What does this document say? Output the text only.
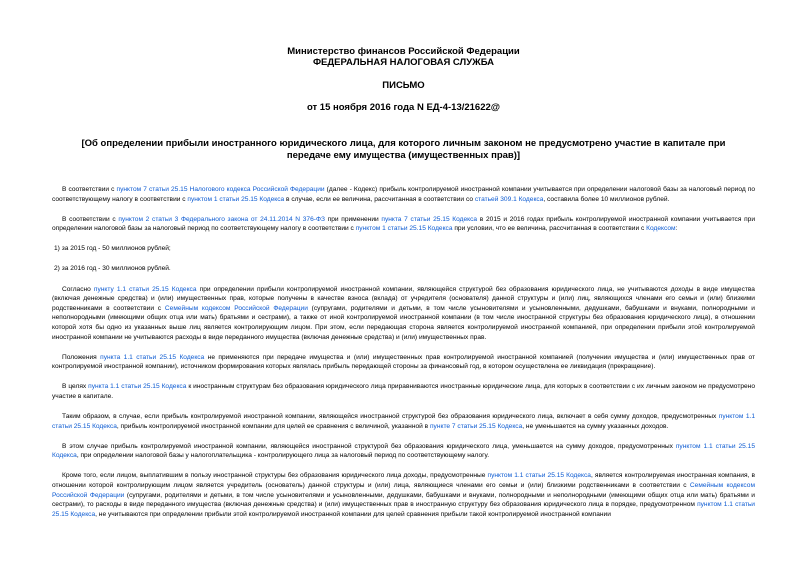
Министерство финансов Российской Федерации
ФЕДЕРАЛЬНАЯ НАЛОГОВАЯ СЛУЖБА
ПИСЬМО
от 15 ноября 2016 года N ЕД-4-13/21622@
[Об определении прибыли иностранного юридического лица, для которого личным законом не предусмотрено участие в капитале при передаче ему имущества (имущественных прав)]

В соответствии с пунктом 7 статьи 25.15 Налогового кодекса Российской Федерации (далее - Кодекс) прибыль контролируемой иностранной компании учитывается при определении налоговой базы за налоговый период по соответствующему налогу в соответствии с пунктом 1 статьи 25.15 Кодекса в случае, если ее величина, рассчитанная в соответствии со статьей 309.1 Кодекса, составила более 10 миллионов рублей.

В соответствии с пунктом 2 статьи 3 Федерального закона от 24.11.2014 N 376-ФЗ при применении пункта 7 статьи 25.15 Кодекса в 2015 и 2016 годах прибыль контролируемой иностранной компании учитывается при определении налоговой базы за налоговый период по соответствующему налогу в соответствии с пунктом 1 статьи 25.15 Кодекса при условии, что ее величина, рассчитанная в соответствии с Кодексом:

1) за 2015 год - 50 миллионов рублей;

2) за 2016 год - 30 миллионов рублей.

Согласно пункту 1.1 статьи 25.15 Кодекса при определении прибыли контролируемой иностранной компании, являющейся структурой без образования юридического лица, не учитываются доходы в виде имущества (включая денежные средства) и (или) имущественных прав, которые получены в качестве взноса (вклада) от учредителя (основателя) данной структуры и (или) лиц, являющихся членами его семьи и (или) близкими родственниками в соответствии с Семейным кодексом Российской Федерации (супругами, родителями и детьми, в том числе усыновителями и усыновленными, дедушками, бабушками и внуками, полнородными и неполнородными (имеющими общих отца или мать) братьями и сестрами), а также от иной контролируемой иностранной компании (в том числе иностранной структуры без образования юридического лица), в отношении которой хотя бы одно из указанных выше лиц является контролирующим лицом. При этом, если передающая сторона является контролируемой иностранной компанией, при определении прибыли этой контролируемой иностранной компании не учитываются расходы в виде переданного имущества (включая денежные средства) и (или) имущественных прав.

Положения пункта 1.1 статьи 25.15 Кодекса не применяются при передаче имущества и (или) имущественных прав контролируемой иностранной компанией (получении имущества и (или) имущественных прав от контролируемой иностранной компании), источником формирования которых являлась прибыль передающей стороны за финансовый год, в котором осуществлена ее ликвидация (прекращение).

В целях пункта 1.1 статьи 25.15 Кодекса к иностранным структурам без образования юридического лица приравниваются иностранные юридические лица, для которых в соответствии с их личным законом не предусмотрено участие в капитале.

Таким образом, в случае, если прибыль контролируемой иностранной компании, являющейся иностранной структурой без образования юридического лица, включает в себя сумму доходов, предусмотренных пунктом 1.1 статьи 25.15 Кодекса, прибыль контролируемой иностранной компании для целей ее сравнения с величиной, указанной в пункте 7 статьи 25.15 Кодекса, не уменьшается на сумму указанных доходов.

В этом случае прибыль контролируемой иностранной компании, являющейся иностранной структурой без образования юридического лица, уменьшается на сумму доходов, предусмотренных пунктом 1.1 статьи 25.15 Кодекса, при определении налоговой базы у налогоплательщика - контролирующего лица за налоговый период по соответствующему налогу.

Кроме того, если лицом, выплатившим в пользу иностранной структуры без образования юридического лица доходы, предусмотренные пунктом 1.1 статьи 25.15 Кодекса, является контролируемая иностранная компания, в отношении которой контролирующим лицом является учредитель (основатель) данной структуры и (или) лица, являющиеся членами его семьи и (или) близкими родственниками в соответствии с Семейным кодексом Российской Федерации (супругами, родителями и детьми, в том числе усыновителями и усыновленными, дедушками, бабушками и внуками, полнородными и неполнородными (имеющими общих отца или мать) братьями и сестрами), то расходы в виде переданного имущества (включая денежные средства) и (или) имущественных прав в иностранную структуру без образования юридического лица в порядке, предусмотренном пунктом 1.1 статьи 25.15 Кодекса, не учитываются при определении прибыли этой контролируемой иностранной компании для целей сравнения прибыли такой контролируемой иностранной компании
